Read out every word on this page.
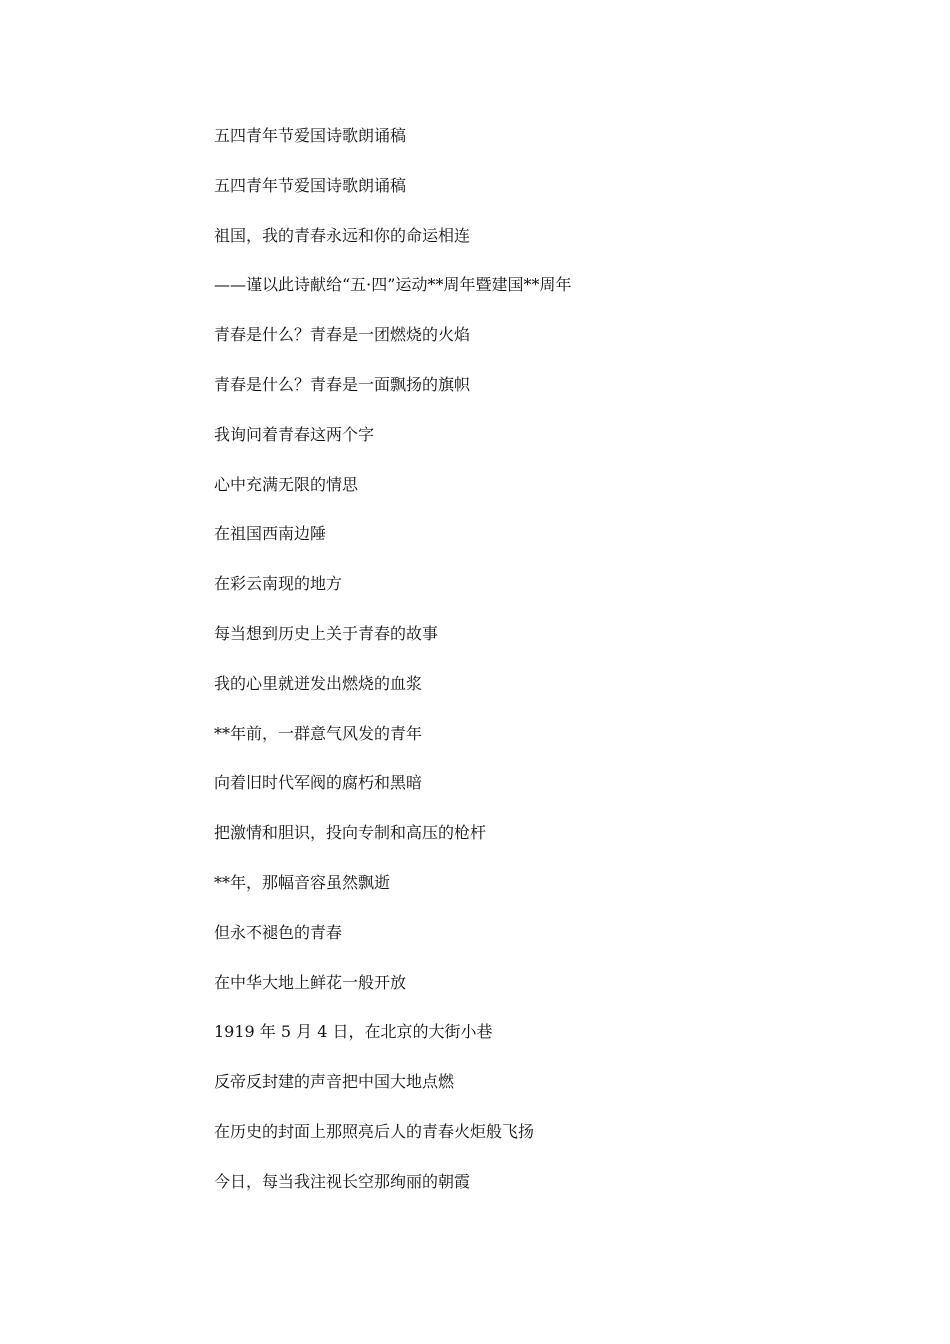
五四青年节爱国诗歌朗诵稿
五四青年节爱国诗歌朗诵稿
祖国，我的青春永远和你的命运相连
——谨以此诗献给“五·四”运动**周年暨建国**周年
青春是什么？青春是一团燃烧的火焰
青春是什么？青春是一面飘扬的旗帜
我询问着青春这两个字
心中充满无限的情思
在祖国西南边陲
在彩云南现的地方
每当想到历史上关于青春的故事
我的心里就迸发出燃烧的血浆
**年前，一群意气风发的青年
向着旧时代军阀的腐朽和黑暗
把激情和胆识，投向专制和高压的枪杆
**年，那幅音容虽然飘逝
但永不褪色的青春
在中华大地上鲜花一般开放
1919 年 5 月 4 日，在北京的大街小巷
反帝反封建的声音把中国大地点燃
在历史的封面上那照亮后人的青春火炬般飞扬
今日，每当我注视长空那绚丽的朝霞
